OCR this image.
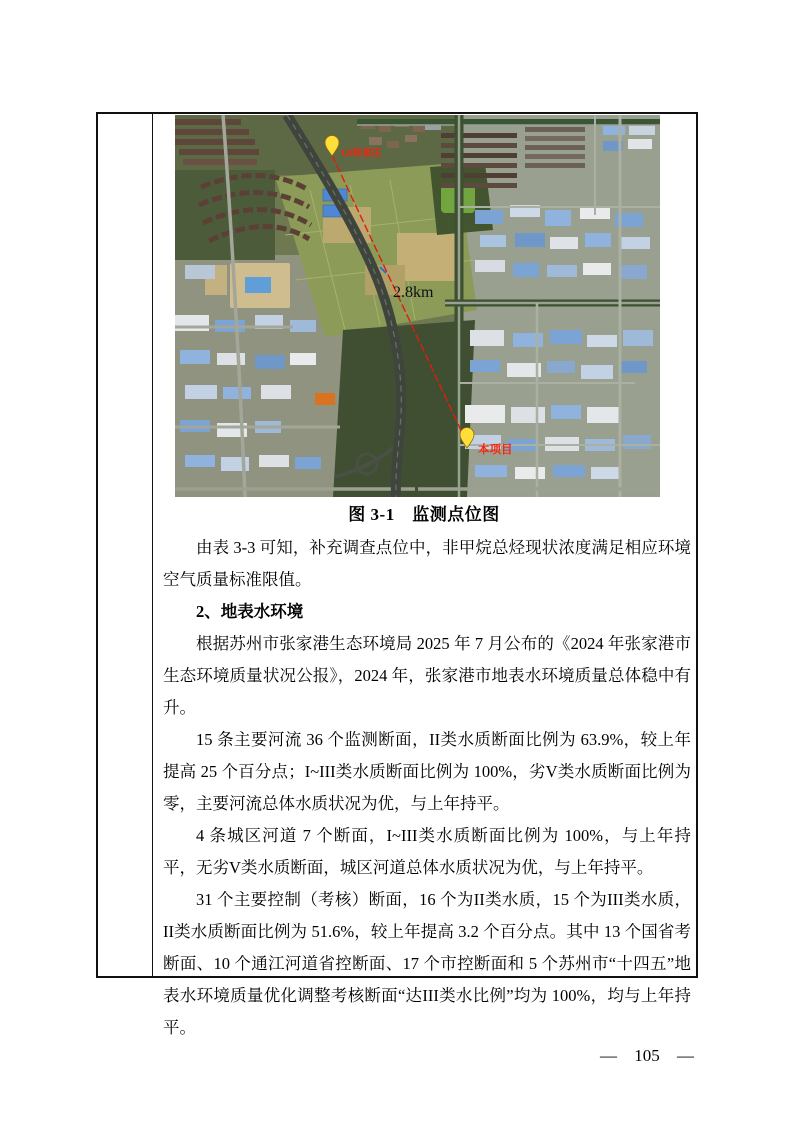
G9旺家庄
本项目
2.8km
图 3-1　监测点位图

由表 3-3 可知，补充调查点位中，非甲烷总烃现状浓度满足相应环境空气质量标准限值。

2、地表水环境

根据苏州市张家港生态环境局 2025 年 7 月公布的《2024 年张家港市生态环境质量状况公报》，2024 年，张家港市地表水环境质量总体稳中有升。

15 条主要河流 36 个监测断面，II类水质断面比例为 63.9%，较上年提高 25 个百分点；I~III类水质断面比例为 100%，劣V类水质断面比例为零，主要河流总体水质状况为优，与上年持平。

4 条城区河道 7 个断面，I~III类水质断面比例为 100%，与上年持平，无劣V类水质断面，城区河道总体水质状况为优，与上年持平。

31 个主要控制（考核）断面，16 个为II类水质，15 个为III类水质，II类水质断面比例为 51.6%，较上年提高 3.2 个百分点。其中 13 个国省考断面、10 个通江河道省控断面、17 个市控断面和 5 个苏州市“十四五”地表水环境质量优化调整考核断面“达III类水比例”均为 100%，均与上年持平。

— 105 —
